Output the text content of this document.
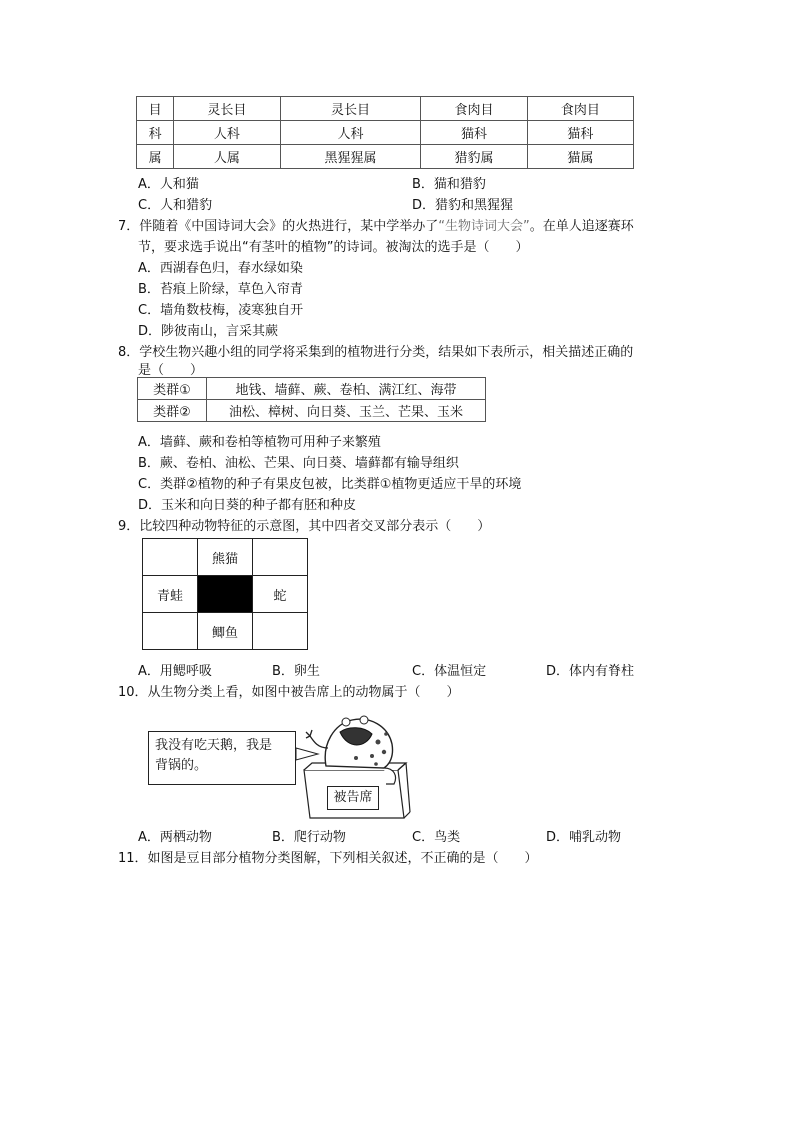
目	灵长目	灵长目	食肉目	食肉目
科	人科	人科	猫科	猫科
属	人属	黑猩猩属	猎豹属	猫属
A．人和猫	B．猫和猎豹
C．人和猎豹	D．猎豹和黑猩猩
7．伴随着《中国诗词大会》的火热进行，某中学举办了“生物诗词大会”。在单人追逐赛环
节，要求选手说出“有茎叶的植物”的诗词。被淘汰的选手是（　　）
A．西湖春色归，春水绿如染
B．苔痕上阶绿，草色入帘青
C．墙角数枝梅，凌寒独自开
D．陟彼南山，言采其蕨
8．学校生物兴趣小组的同学将采集到的植物进行分类，结果如下表所示，相关描述正确的
是（　　）
类群①	地钱、墙藓、蕨、卷柏、满江红、海带
类群②	油松、樟树、向日葵、玉兰、芒果、玉米
A．墙藓、蕨和卷柏等植物可用种子来繁殖
B．蕨、卷柏、油松、芒果、向日葵、墙藓都有输导组织
C．类群②植物的种子有果皮包被，比类群①植物更适应干旱的环境
D．玉米和向日葵的种子都有胚和种皮
9．比较四种动物特征的示意图，其中四者交叉部分表示（　　）
	熊猫	
青蛙		蛇
	鲫鱼	
A．用鳃呼吸	B．卵生	C．体温恒定	D．体内有脊柱
10．从生物分类上看，如图中被告席上的动物属于（　　）
我没有吃天鹅，我是
背锅的。
被告席
A．两栖动物	B．爬行动物	C．鸟类	D．哺乳动物
11．如图是豆目部分植物分类图解，下列相关叙述，不正确的是（　　）
